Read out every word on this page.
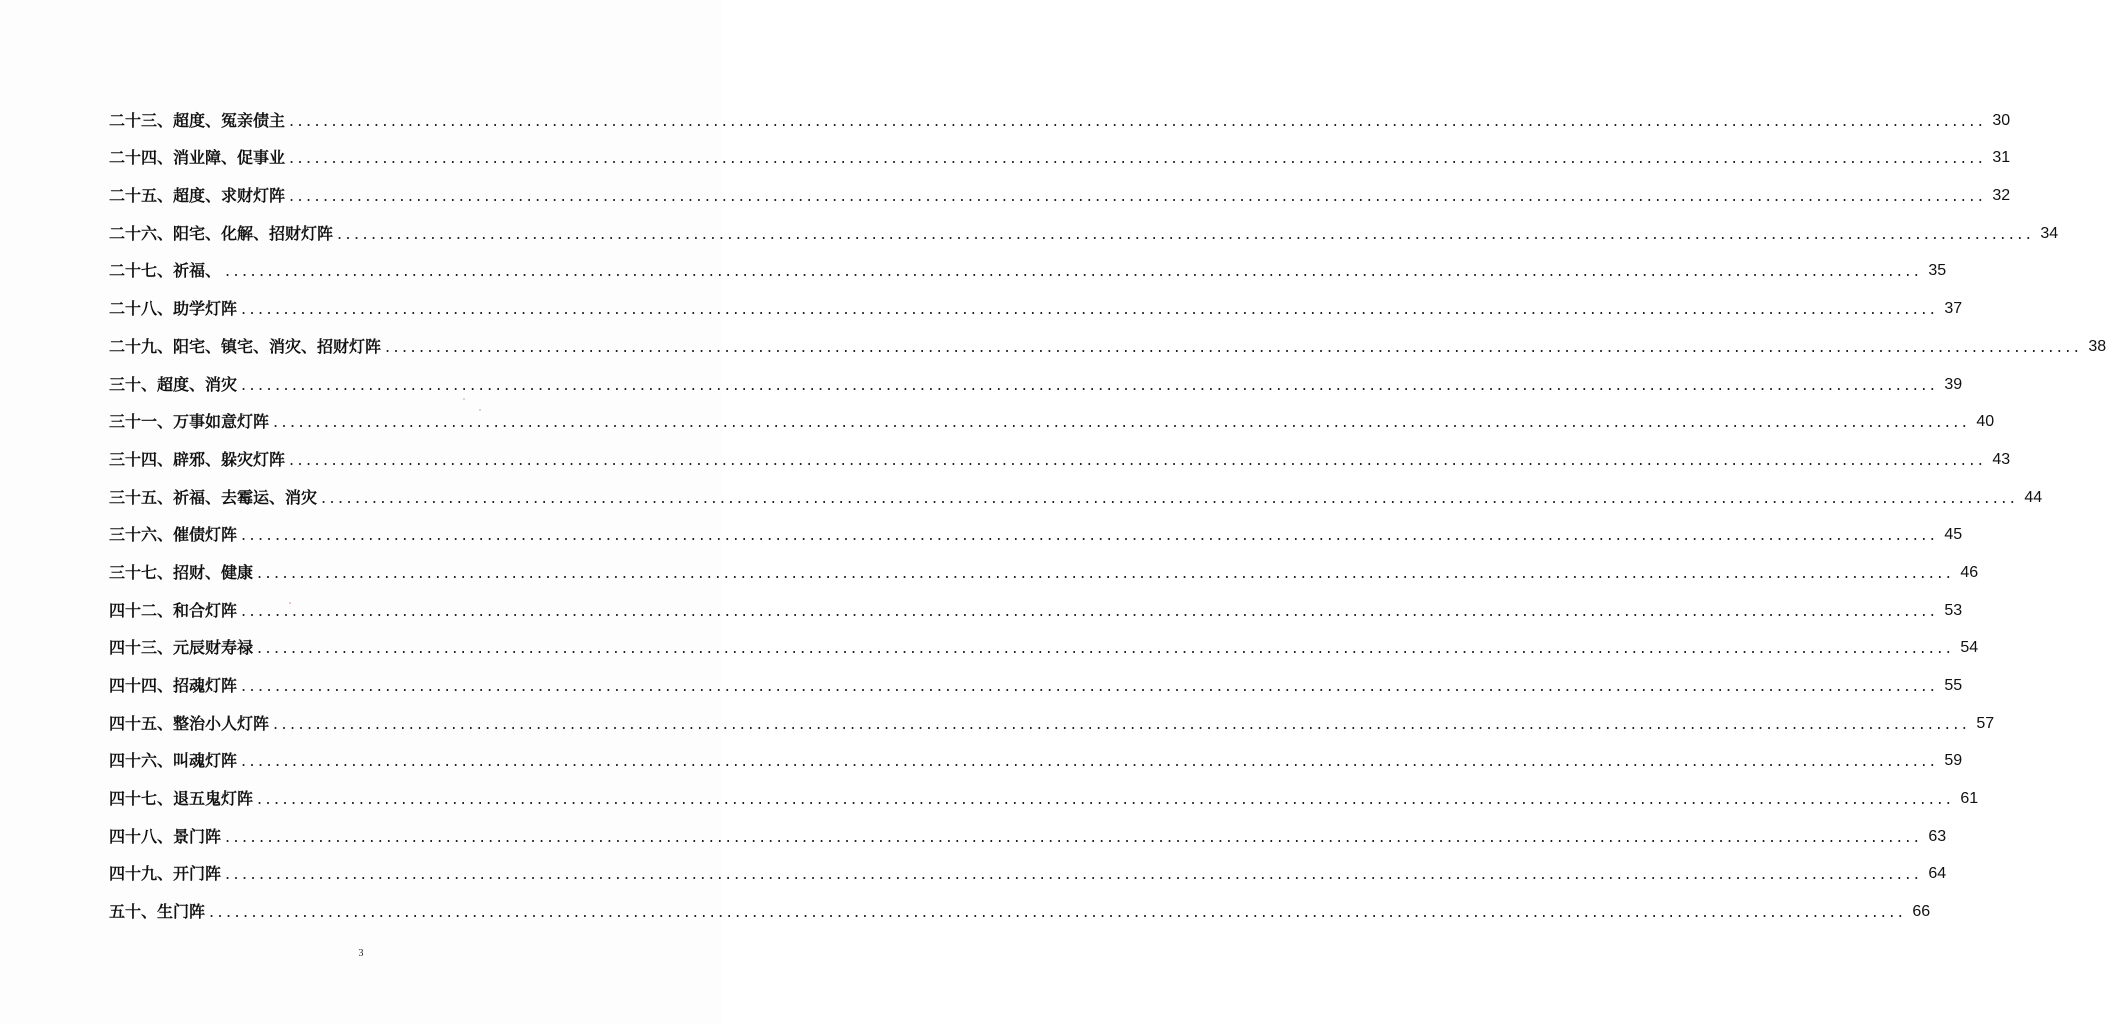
二十三、超度、冤亲债主 ........................................................................................................................................................................................................ 30
二十四、消业障、促事业 ........................................................................................................................................................................................................ 31
二十五、超度、求财灯阵 ........................................................................................................................................................................................................ 32
二十六、阳宅、化解、招财灯阵 ........................................................................................................................................................................................................ 34
二十七、祈福、 ........................................................................................................................................................................................................ 35
二十八、助学灯阵 ........................................................................................................................................................................................................ 37
二十九、阳宅、镇宅、消灾、招财灯阵 ........................................................................................................................................................................................................ 38
三十、超度、消灾 ........................................................................................................................................................................................................ 39
三十一、万事如意灯阵 ........................................................................................................................................................................................................ 40
三十四、辟邪、躲灾灯阵 ........................................................................................................................................................................................................ 43
三十五、祈福、去霉运、消灾 ........................................................................................................................................................................................................ 44
三十六、催债灯阵 ........................................................................................................................................................................................................ 45
三十七、招财、健康 ........................................................................................................................................................................................................ 46
四十二、和合灯阵 ........................................................................................................................................................................................................ 53
四十三、元辰财寿禄 ........................................................................................................................................................................................................ 54
四十四、招魂灯阵 ........................................................................................................................................................................................................ 55
四十五、整治小人灯阵 ........................................................................................................................................................................................................ 57
四十六、叫魂灯阵 ........................................................................................................................................................................................................ 59
四十七、退五鬼灯阵 ........................................................................................................................................................................................................ 61
四十八、景门阵 ........................................................................................................................................................................................................ 63
四十九、开门阵 ........................................................................................................................................................................................................ 64
五十、生门阵 ........................................................................................................................................................................................................ 66
3
